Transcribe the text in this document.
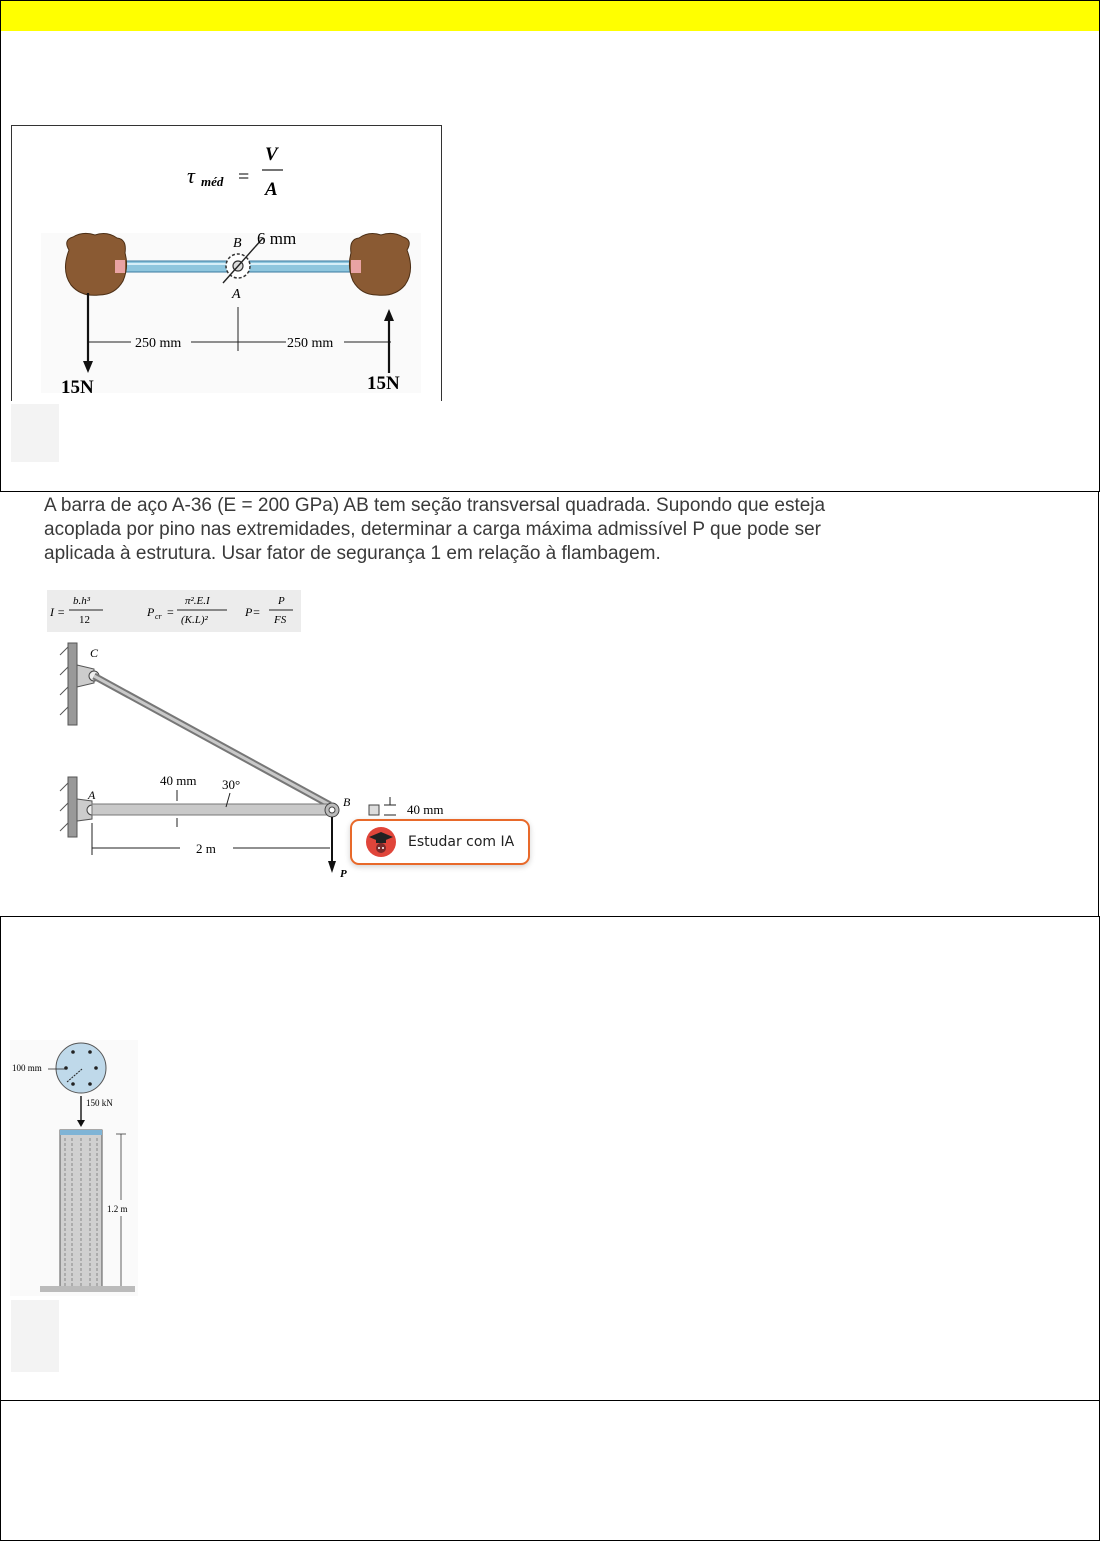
τ méd =
V
A
B 6 mm
A
250 mm	250 mm
15N	15N
A barra de aço A-36 (E = 200 GPa) AB tem seção transversal quadrada. Supondo que esteja acoplada por pino nas extremidades, determinar a carga máxima admissível P que pode ser aplicada à estrutura. Usar fator de segurança 1 em relação à flambagem.
I =
b.h³
12
P cr =
π².E.I
(K.L)²
P=
P
FS
C
A	B
40 mm 30°
2 m
P
40 mm
Estudar com IA
100 mm
150 kN
1.2 m
